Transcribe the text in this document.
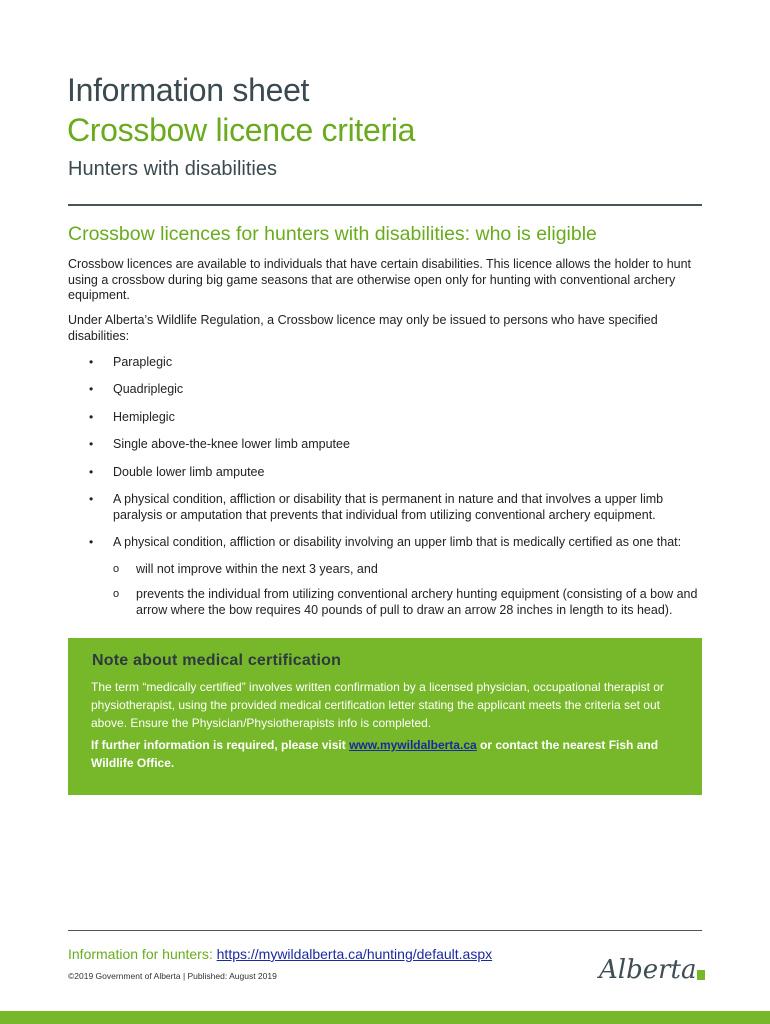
Information sheet
Crossbow licence criteria
Hunters with disabilities
Crossbow licences for hunters with disabilities: who is eligible
Crossbow licences are available to individuals that have certain disabilities. This licence allows the holder to hunt using a crossbow during big game seasons that are otherwise open only for hunting with conventional archery equipment.
Under Alberta’s Wildlife Regulation, a Crossbow licence may only be issued to persons who have specified disabilities:
• Paraplegic
• Quadriplegic
• Hemiplegic
• Single above-the-knee lower limb amputee
• Double lower limb amputee
• A physical condition, affliction or disability that is permanent in nature and that involves a upper limb paralysis or amputation that prevents that individual from utilizing conventional archery equipment.
• A physical condition, affliction or disability involving an upper limb that is medically certified as one that:
o will not improve within the next 3 years, and
o prevents the individual from utilizing conventional archery hunting equipment (consisting of a bow and arrow where the bow requires 40 pounds of pull to draw an arrow 28 inches in length to its head).
Note about medical certification
The term “medically certified” involves written confirmation by a licensed physician, occupational therapist or physiotherapist, using the provided medical certification letter stating the applicant meets the criteria set out above. Ensure the Physician/Physiotherapists info is completed.
If further information is required, please visit www.mywildalberta.ca or contact the nearest Fish and Wildlife Office.
Information for hunters: https://mywildalberta.ca/hunting/default.aspx
©2019 Government of Alberta | Published: August 2019	Alberta
